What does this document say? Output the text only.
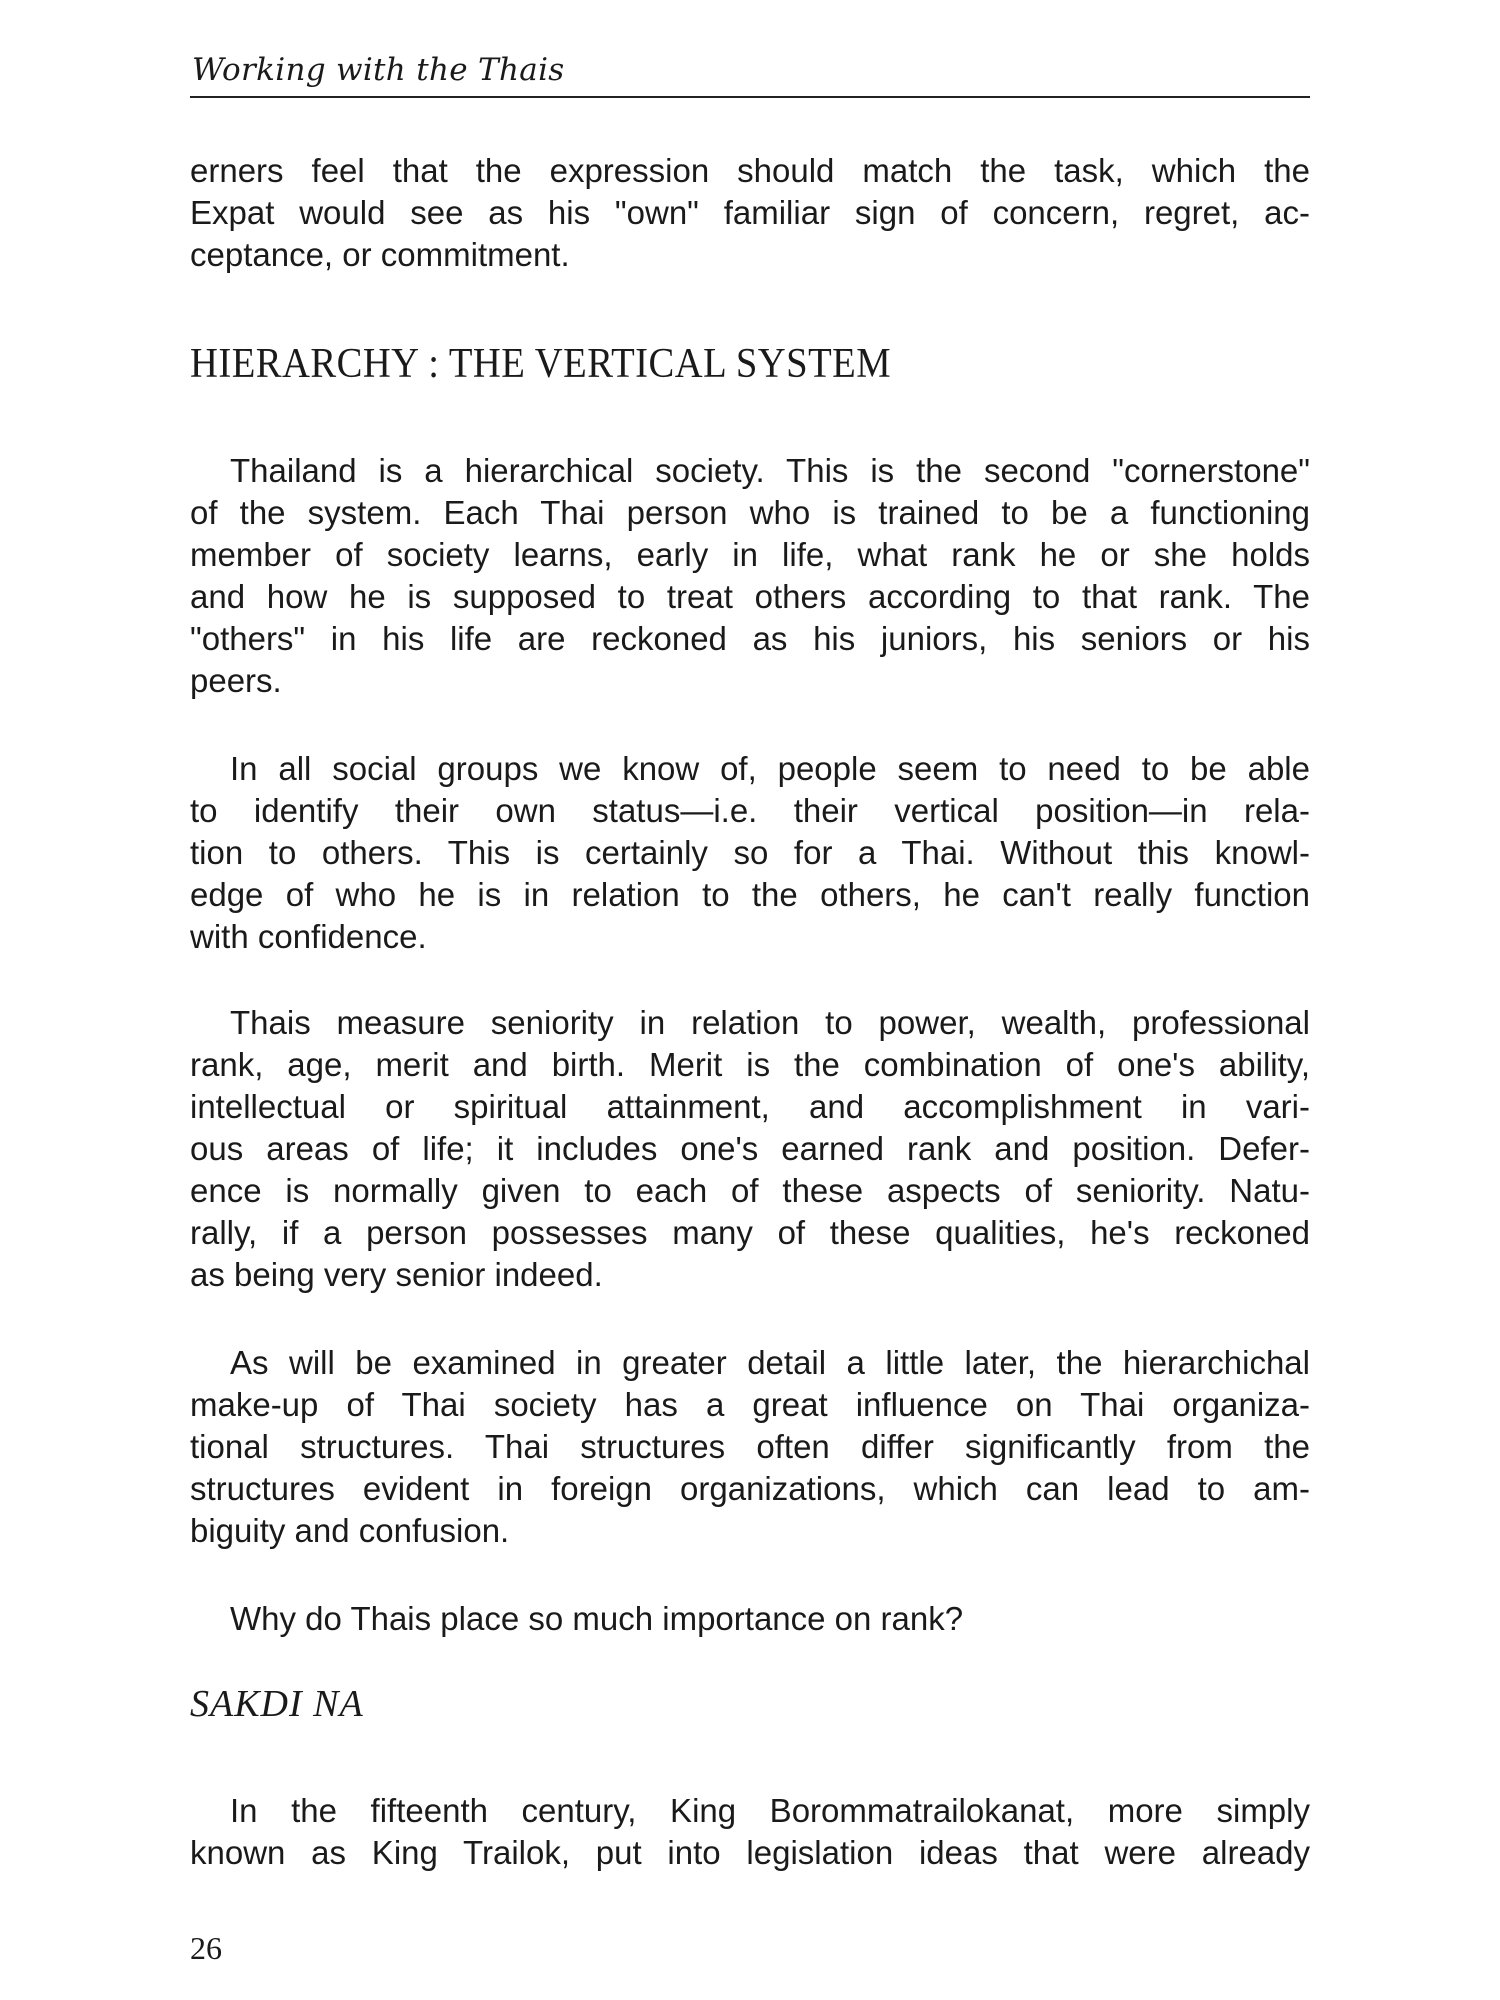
Working with the Thais
erners feel that the expression should match the task, which the
Expat would see as his "own" familiar sign of concern, regret, ac-
ceptance, or commitment.
HIERARCHY : THE VERTICAL SYSTEM
Thailand is a hierarchical society. This is the second "cornerstone"
of the system. Each Thai person who is trained to be a functioning
member of society learns, early in life, what rank he or she holds
and how he is supposed to treat others according to that rank. The
"others" in his life are reckoned as his juniors, his seniors or his
peers.
In all social groups we know of, people seem to need to be able
to identify their own status—i.e. their vertical position—in rela-
tion to others. This is certainly so for a Thai. Without this knowl-
edge of who he is in relation to the others, he can't really function
with confidence.
Thais measure seniority in relation to power, wealth, professional
rank, age, merit and birth. Merit is the combination of one's ability,
intellectual or spiritual attainment, and accomplishment in vari-
ous areas of life; it includes one's earned rank and position. Defer-
ence is normally given to each of these aspects of seniority. Natu-
rally, if a person possesses many of these qualities, he's reckoned
as being very senior indeed.
As will be examined in greater detail a little later, the hierarchichal
make-up of Thai society has a great influence on Thai organiza-
tional structures. Thai structures often differ significantly from the
structures evident in foreign organizations, which can lead to am-
biguity and confusion.
Why do Thais place so much importance on rank?
SAKDI NA
In the fifteenth century, King Borommatrailokanat, more simply
known as King Trailok, put into legislation ideas that were already
26
